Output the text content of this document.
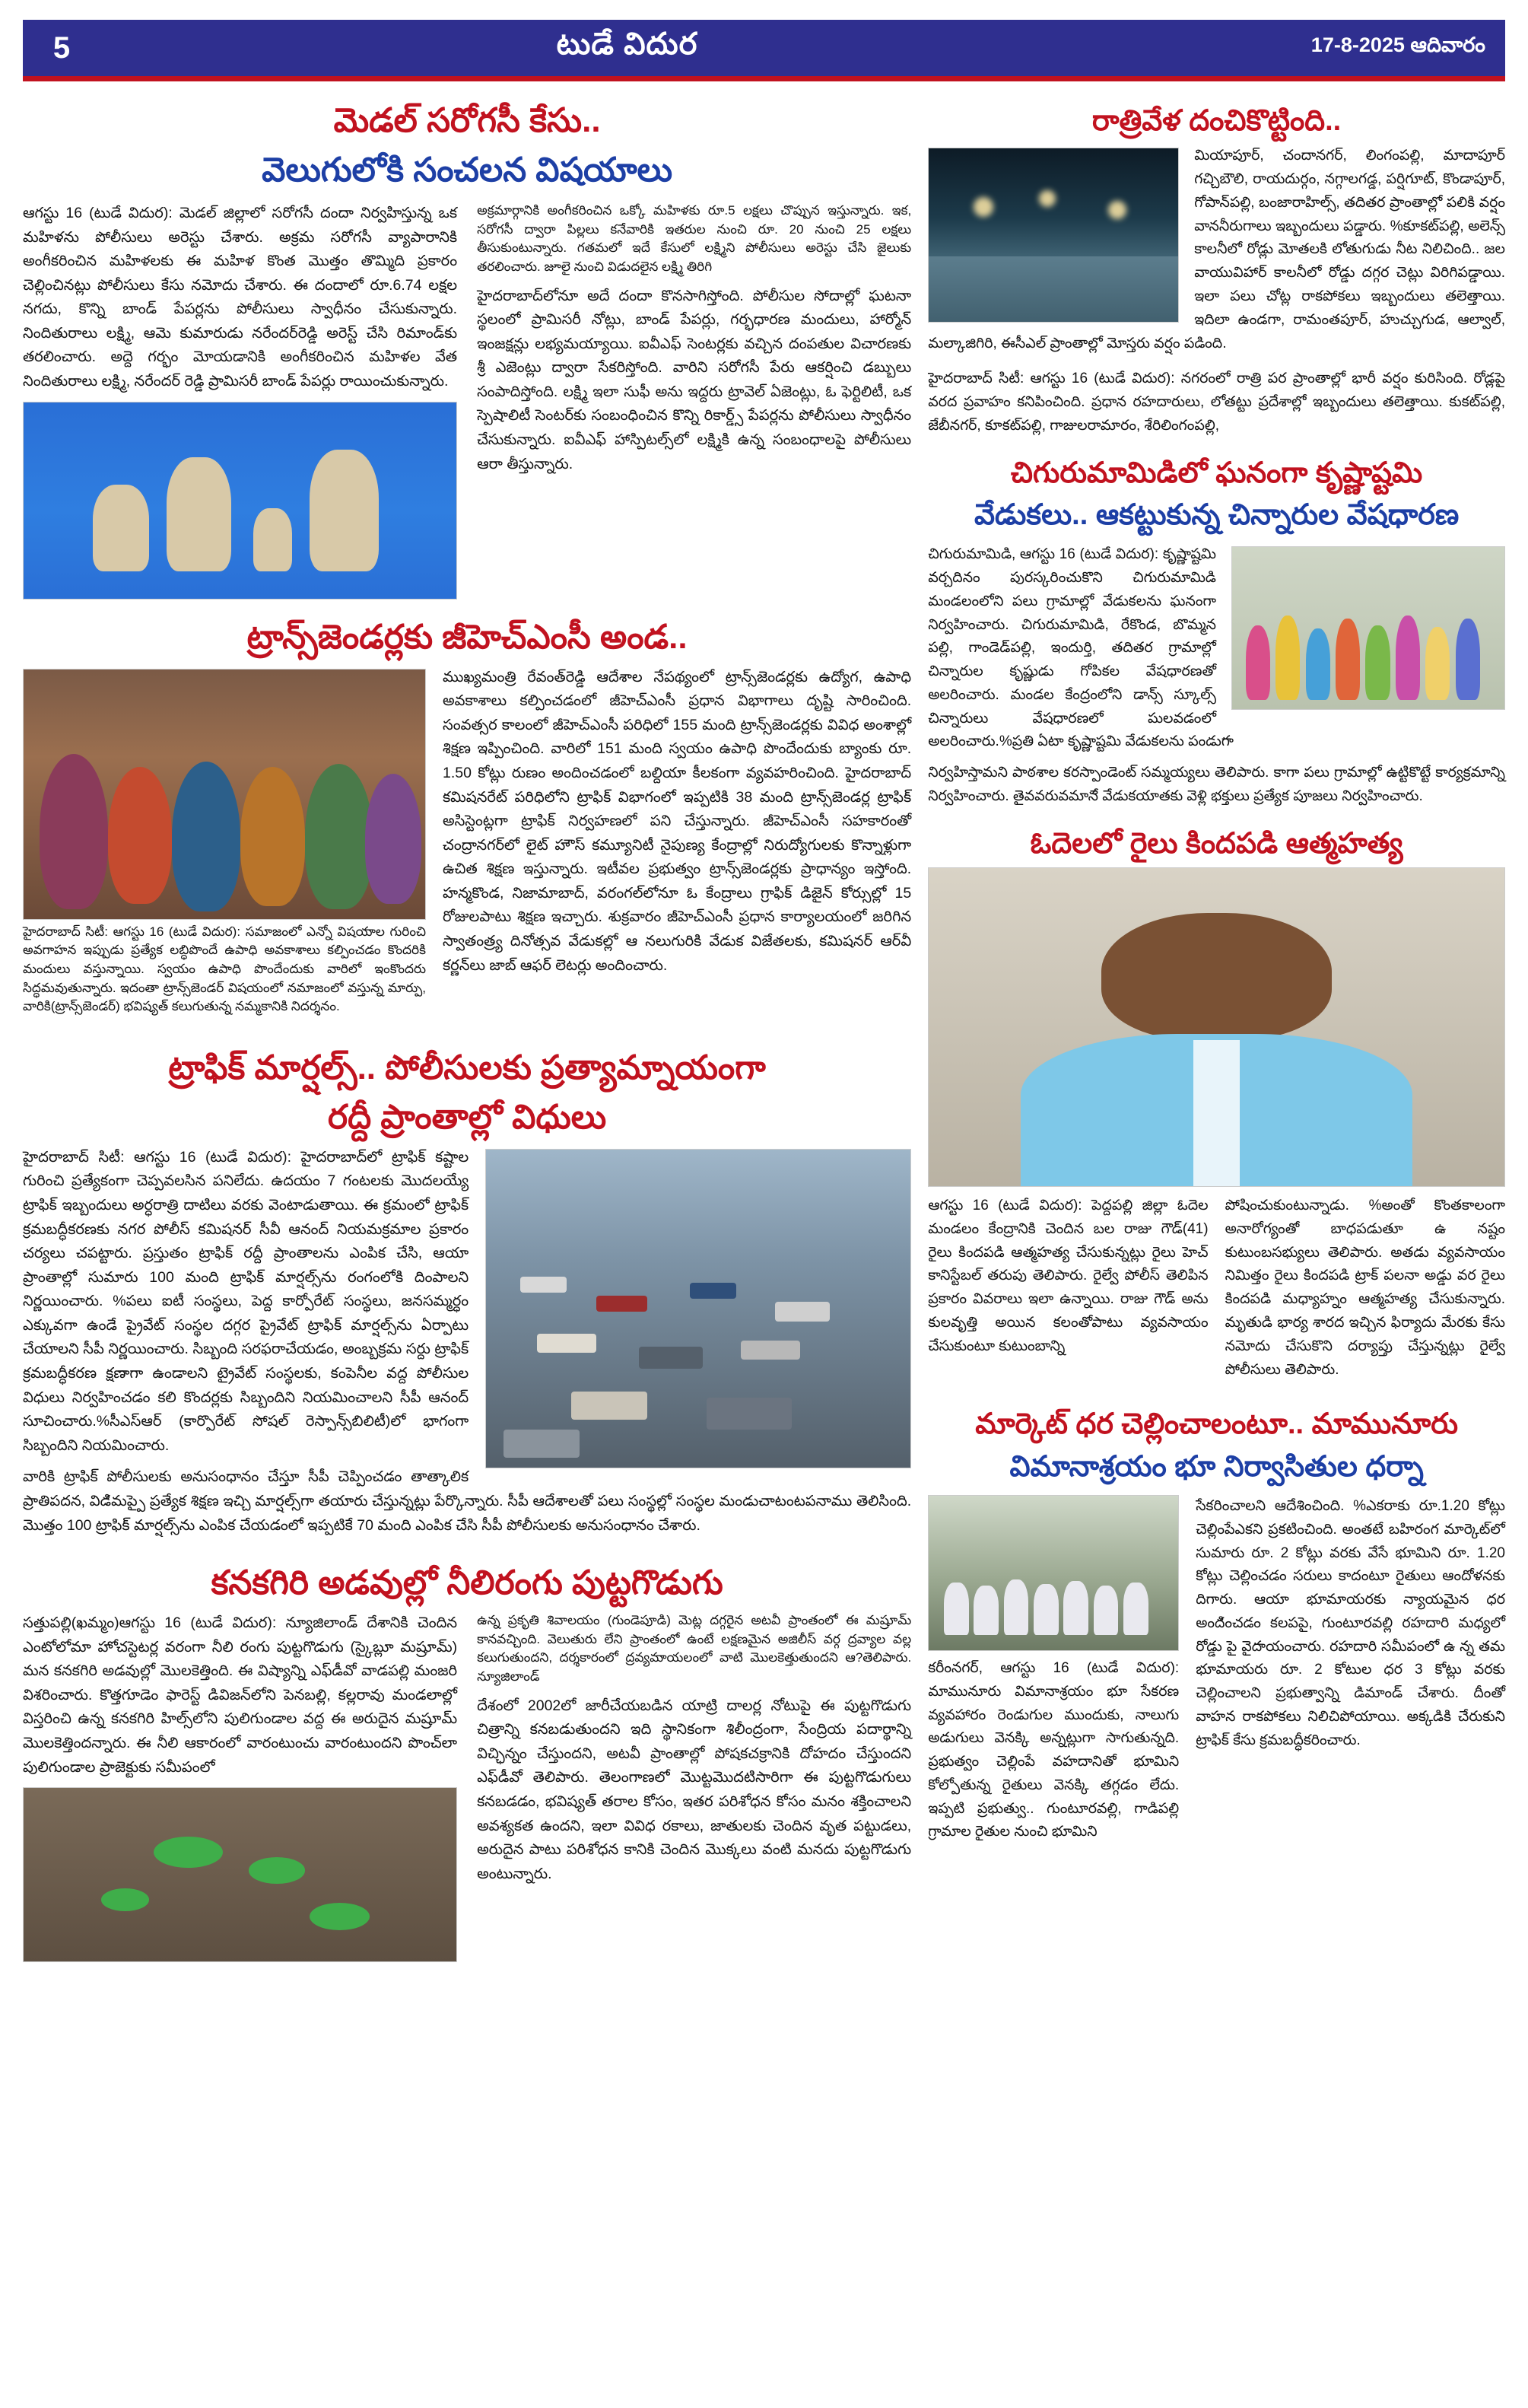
5	టుడే విదుర	17-8-2025 ఆదివారం
మెడ‌ల్ స‌రోగ‌సీ కేసు..
వెలుగులోకి సంచలన విషయాలు

ఆగ‌స్టు 16 (టుడే విదుర): మెడ‌ల్ జిల్లాలో సరోగ‌సీ ద‌ందా నిర్వ‌హిస్తున్న ఒక మ‌హిళ‌ను పోలీసులు అరెస్టు చేశారు. అక్ర‌మ స‌రోగ‌సీ వ్యాపారానికి అంగీక‌రించిన మ‌హిళ‌లకు ఈ మ‌హిళ కొంత మొత్తం తొమ్మిది ప్ర‌కారం చెల్లించినట్లు పోలీసులు కేసు న‌మోదు చేశారు. ఈ ద‌ందాలో రూ.6.74 లక్షల నగదు, కొన్ని బాండ్ పేప‌ర్లను పోలీసులు స్వాధీనం చేసుకున్నారు. నిందితురాలు ల‌క్ష్మి, ఆమె కుమారుడు న‌రేంద‌ర్‌రెడ్డి అరెస్ట్ చేసి రిమాండ్‌కు తరలించారు. అద్దె గ‌ర్భం మోయ‌డానికి అంగీక‌రించిన మ‌హిళ‌ల వేత నిందితురాలు ల‌క్ష్మి, న‌రేంద‌ర్ రెడ్డి ప్రామిసరీ బాండ్ పేప‌ర్లు రాయించుకున్నారు.

అక్ర‌మార్గానికి అంగీక‌రించిన ఒక్కో మ‌హిళ‌కు రూ.5 ల‌క్ష‌లు చొప్పున ఇస్తున్నారు. ఇక‌, స‌రోగ‌సీ ద్వారా పిల్ల‌లు క‌నేవారికి ఇతరుల నుంచి రూ. 20 నుంచి 25 ల‌క్ష‌లు తీసుకుంటున్నారు. గ‌త‌మ‌లో ఇదే కేసులో ల‌క్ష్మిని పోలీసులు అరెస్టు చేసి జైలుకు త‌ర‌లించారు. జూలై నుంచి విడుద‌లైన ల‌క్ష్మి తిరిగి

హైద‌రాబాద్‌లోనూ అదే ద‌ందా కొన‌సాగిస్తోంది. పోలీసుల సోదాల్లో ఘ‌ట‌నా స్థ‌లంలో ప్రామిస‌రీ నోట్లు, బాండ్ పేప‌ర్లు, గ‌ర్భ‌ధార‌ణ మందులు, హార్మోన్ ఇంజ‌క్షన్లు ల‌భ్య‌మ‌య్యాయి. ఐవీఎఫ్ సెంట‌ర్ల‌కు వ‌చ్చిన దంప‌తుల విచార‌ణ‌కు శ్రీ ఎజెంట్లు ద్వారా సేక‌రిస్తోంది. వారిని స‌రోగ‌సీ పేరు ఆకర్షించి డ‌బ్బులు సంపాదిస్తోంది. ల‌క్ష్మి ఇలా సుఫీ అను ఇద్దరు ట్రావెల్ ఏజెంట్లు, ఓ ఫెర్టిలిటీ, ఒక స్పెషాలిటీ సెంట‌ర్‌కు సంబంధించిన కొన్ని రికార్డ్స్ పేప‌ర్ల‌ను పోలీసులు స్వాధీనం చేసుకున్నారు. ఐవీఎఫ్ హాస్పిట‌ల్స్‌లో ల‌క్ష్మికి ఉన్న సంబంధాల‌పై పోలీసులు ఆరా తీస్తున్నారు.

ట్రాన్స్‌జెండ‌ర్ల‌కు జీహెచ్ఎంసీ అండ‌..

హైద‌రాబాద్ సిటీ: ఆగ‌స్టు 16 (టుడే విదుర): స‌మాజంలో ఎన్నో విష‌య‌ాల‌ గురించి అవ‌గాహ‌న ఇప్పుడు ప్రత్యేక ల‌బ్ధిపొందే ఉపాధి అవకాశాలు క‌ల్పించ‌డం కొంద‌రికి మందులు వ‌స్తున్నాయి. స్వ‌యం ఉపాధి పొందేందుకు వారిలో ఇంకొంద‌రు సిద్ధ‌మ‌వుతున్నారు. ఇదంతా ట్రాన్స్‌జెండ‌ర్ విష‌యంలో న‌మాజంలో వ‌స్తున్న మార్పు, వారికి(ట్రాన్స్‌జెండ‌ర్‌) భ‌విష్య‌త్ క‌లుగుతున్న న‌మ్మ‌కానికి నిద‌ర్శ‌నం.

ముఖ్య‌మంత్రి రేవంత్‌రెడ్డి ఆదేశాల నేప‌థ్యంలో ట్రాన్స్‌జెండ‌ర్ల‌కు ఉద్యోగ, ఉపాధి అవ‌కాశాలు క‌ల్పించ‌డంలో జీహెచ్ఎంసీ ప్ర‌ధాన‌ విభాగాలు దృష్టి సారించింది. సంవ‌త్స‌ర కాలంలో జీహెచ్ఎంసీ ప‌రిధిలో 155 మంది ట్రాన్స్‌జెండ‌ర్ల‌కు వివిధ అంశాల్లో శిక్ష‌ణ ఇప్పించింది. వారిలో 151 మంది స్వ‌యం ఉపాధి పొందేందుకు బ్యాంకు రూ. 1.50 కోట్లు రుణం అందించ‌డంలో బ‌ల్దియా కీల‌కంగా వ్య‌వ‌హ‌రించింది. హైద‌రాబాద్ క‌మిషన‌రేట్ ప‌రిధిలోని ట్రాఫిక్ విభాగంలో ఇప్ప‌టికి 38 మంది ట్రాన్స్‌జెండ‌ర్ల ట్రాఫిక్ అసిస్టెంట్ల‌గా ట్రాఫిక్ నిర్వ‌హ‌ణ‌లో ప‌ని చేస్తున్నారు. జీహెచ్ఎంసీ స‌హ‌కారంతో చంద్రానగ‌ర్‌లో లైట్ హౌస్ క‌మ్యూనిటీ నైపుణ్య కేంద్రాల్లో నిరుద్యోగుల‌కు కొన్నాళ్లుగా ఉచిత శిక్ష‌ణ ఇస్తున్నారు. ఇటీవ‌ల ప్ర‌భుత్వం ట్రాన్స్‌జెండ‌ర్ల‌కు ప్రాధాన్యం ఇస్తోంది. హ‌న్మ‌కొండ‌, నిజామాబాద్‌, వ‌రంగ‌ల్‌లోనూ ఓ కేంద్రాలు గ్రాఫిక్ డిజైన్ కోర్సుల్లో 15 రోజులపాటు శిక్ష‌ణ ఇచ్చారు. శుక్ర‌వారం జీహెచ్ఎంసీ ప్ర‌ధాన కార్యాల‌యంలో జ‌రిగిన స్వాతంత్ర్య దినోత్స‌వ వేడుక‌ల్లో ఆ న‌లుగురికి వేడుక విజేత‌ల‌కు, క‌మిష‌న‌ర్ ఆర్‌వీ క‌ర్ణ‌న్‌లు జాబ్ ఆఫ‌ర్ లెట‌ర్లు అందించారు.

ట్రాఫిక్ మార్ష‌ల్స్‌.. పోలీసుల‌కు ప్ర‌త్యామ్నాయంగా
ర‌ద్దీ ప్రాంతాల్లో విధులు

హైద‌రాబాద్ సిటీ: ఆగ‌స్టు 16 (టుడే విదుర): హైద‌రాబాద్‌లో ట్రాఫిక్ క‌ష్టాల గురించి ప్ర‌త్యేకంగా చెప్ప‌వ‌ల‌సిన ప‌నిలేదు. ఉద‌యం 7 గంట‌ల‌కు మొద‌లయ్యే ట్రాఫిక్ ఇబ్బందులు అర్ధ‌రాత్రి దాటిలు వ‌ర‌కు వెంటాడుతాయి. ఈ క్ర‌మంలో ట్రాఫిక్ క్ర‌మ‌బ‌ద్ధీక‌ర‌ణ‌కు న‌గ‌ర పోలీస్ క‌మిష‌న‌ర్ సీవీ ఆనంద్ నియ‌మ‌క్ర‌మాల ప్రకారం చ‌ర్య‌లు చ‌ప‌ట్టారు. ప్ర‌స్తుతం ట్రాఫిక్ ర‌ద్దీ ప్రాంతాల‌ను ఎంపిక చేసి, ఆయా ప్రాంతాల్లో సుమారు 100 మంది ట్రాఫిక్ మార్ష‌ల్స్‌ను రంగంలోకి దింపాల‌ని నిర్ణ‌యించారు. %ప‌లు ఐటీ సంస్థ‌లు, పెద్ద కార్పోరేట్ సంస్థ‌లు, జ‌న‌స‌మ్మ‌ర్ధం ఎక్కువ‌గా ఉండే ప్రైవేట్ సంస్థ‌ల ద‌గ్గ‌ర ప్రైవేట్ ట్రాఫిక్ మార్ష‌ల్స్‌ను ఏర్పాటు చేయాల‌ని సీపీ నిర్ణ‌యించారు. సిబ్బంది స‌ర‌ఫ‌రాచేయ‌డం, అంబ్బ‌క్ర‌మ స‌ర్దు ట్రాఫిక్ క్ర‌మ‌బ‌ద్ధీక‌ర‌ణ క్ష‌ణ‌ాగా ఉండాల‌ని ట్రైవేట్ సంస్థ‌ల‌కు, కంపెనీల వ‌ద్ద పోలీసుల విధులు నిర్వ‌హించ‌డం క‌లి కొంద‌ర్ల‌కు సిబ్బంది‌ని నియ‌మించాల‌ని సీపీ ఆనంద్ సూచించారు.%సీఎస్ఆర్ (కార్పొరేట్ సోష‌ల్ రెస్పాన్స్‌బిలిటీ)లో భాగంగా సిబ్బంది‌ని నియ‌మించారు.

వారికి ట్రాఫిక్ పోలీసుల‌కు అను‌సంధానం చేస్తూ సీపీ చెప్పించ‌డం‌ తాత్కాలిక ప్రాతిప‌ద‌న‌, విడ‌ివ‌ుప్పై ప్ర‌త్యేక శిక్ష‌ణ ఇచ్చి మార్ష‌ల్స్‌గా తయారు చేస్తున్నట్లు పేర్కొన్నారు. సీపీ ఆదేశాలతో ప‌లు సంస్థ‌ల్లో సంస్థ‌ల‌ మండ‌ుచాట‌ం‌ట‌ప‌నా‌మ‌ు తెలిసింది. మొత్తం 100 ట్రాఫిక్ మార్ష‌ల్స్‌ను ఎంపిక చేయ‌డంలో ఇప్ప‌టికే 70 మంది ఎంపిక చేసి సీపీ పోలీసులకు అను‌సంధానం చేశారు.

క‌న‌క‌గిరి అడ‌వుల్లో నీలిరంగు పుట్ట‌గొడుగు

స‌త్తుప‌ల్లి(ఖ‌మ్మం)ఆగ‌స్టు 16 (టుడే విదుర): న్యూజిలాండ్ దేశానికి చెందిన ఎంటోలోమా హోచ‌స్టెట‌ర్ల వ‌రంగా నీలి ర‌ంగు పుట్ట‌గొడుగు (స్కైబ్లూ మ‌ష్రూమ్‌) మ‌న క‌న‌క‌గిరి అడ‌వుల్లో మొల‌కెత్తింది. ఈ విష్యాన్ని ఎఫ్‌డీవో వాడ‌ప‌ల్లి మంజరి విశ‌రించారు. కొత్త‌గూడెం ఫారెస్ట్ డివిజ‌న్‌లోని పెన‌బ‌ల్లి, క‌ల్ల‌రావు మండ‌లాల్లో విస్త‌రించి ఉన్న క‌న‌క‌గిరి హిల్స్‌లోని పులిగుండాల వ‌ద్ద ఈ అరుదైన మ‌ష్రూమ్ మొల‌కెత్తిందన్నారు. ఈ నీలి ఆకార‌ంలో వారంటుంచ‌ు వారంటుందని పొంచ్‌లా పులిగుండాల ప్రాజెక్టుకు స‌మీప‌ంలో

ఉన్న ప్ర‌క‌ృతి శివాల‌యం (గుండెపూడి) మెట్ల ద‌గ్గ‌రైన అట‌వీ ప్రాంతంలో ఈ మ‌ష్రూమ్‌ కాన‌వ‌చ్చింది. వెలుతురు లేని ప్రాంత‌ంలో ఉంటే ల‌క్ష‌ణ‌మైన అజిలీస్ వ‌ర్గ ద్ర‌వ్యాల వ‌ల్ల క‌లుగుతుంద‌ని, ద‌ర్శ‌కారంలో ద్ర‌వ్య‌మ‌ాయ‌ల‌ంలో వాటి మొలకెత్తుతుంద‌ని ఆ?తెలిపారు. న్యూజిలాండ్‌

దేశంలో 2002లో జారీచేయ‌బ‌డిన యాట్రి దాల‌ర్ల నోటుపై ఈ పుట్ట‌గొడుగు చిత్రాన్ని క‌న‌బ‌డుతుంద‌ని ఇది స్థానికంగా శిలీంద్రంగా, సేంద్రియ ప‌దార్థాన్ని విచ్ఛిన్నం చేస్తుంద‌ని, అట‌వీ ప్రాంతాల్లో పోష‌క‌చ‌క్రానికి దోహ‌ద‌ం చేస్తుంద‌ని ఎఫ్‌డీవో తెలిపారు. తెలంగాణ‌లో మొట్ట‌మొద‌టిసారిగా ఈ పుట్ట‌గొడుగులు క‌న‌బ‌డ‌డం, భ‌విష్య‌త్ త‌రాల కోసం, ఇత‌ర ప‌రిశోధ‌న కోసం మ‌న‌ం శ‌క్తించాల‌ని అవ‌శ్య‌క‌త ఉంద‌ని, ఇలా వివిధ ర‌కాలు, జాతుల‌కు చెందిన వ‌ృత ప‌ట్టుడ‌లు, అరుదైన‌ పాటు ప‌రిశోధ‌న కానికి చెందిన మొక్క‌లు వ‌ంట‌ి మ‌న‌ద‌ు పుట్ట‌గొడుగు అంటున్నారు.

రాత్రివేళ దంచికొట్టింది..

మియాపూర్‌, చందానగ‌ర్‌, లింగంప‌ల్లి, మాదాపూర్ గ‌చ్చిబౌలి, రాయ‌దుర్గం, న‌గ్గ‌ాల‌గ‌డ్డ, ప‌ర్షిగ‌ూట్‌, కొండాపూర్, గోపాన్‌ప‌ల్లి, బంజారాహిల్స్, త‌దిత‌ర ప్రాంతాల్లో ప‌లికి వ‌ర్షం వాన‌నీరుగాలు ఇబ్బందులు ప‌డ్డారు. %కూక‌ట్‌ప‌ల్లి, అలెన్స్ కాల‌నీలో రోడ్లు మోత‌ల‌కి లోతుగ‌ుడు నీట నిలిచింది.. జ‌ల వాయువిహార్ కాల‌నీలో రోడ్డు ద‌గ్గ‌ర చెట్లు విరిగిప‌డ్డాయి. ఇలా ప‌లు చోట్ల రాక‌పోక‌లు ఇబ్బందులు తలెత్తాయి. ఇదిలా ఉండ‌గా, రామ‌ంత‌పూర్, హ‌ుచ్చ‌ుగ‌ుడ‌, ఆల్వాల్, మ‌ల్క‌ాజిగిరి, ఈసీఎల్ ప్రాంతాల్లో మోస్త‌రు వ‌ర్షం ప‌డింది.

హైద‌రాబాద్ సిటీ: ఆగ‌స్టు 16 (టుడే విదుర): న‌గ‌రంలో రాత్రి ప‌ర ప్రాంతాల్లో భారీ వ‌ర్షం కురిసింది. రోడ్ల‌పై వ‌ర‌ద ప్ర‌వాహం క‌నిపించింది. ప్ర‌ధాన ర‌హ‌దారులు, లోత‌ట్టు ప్రదేశాల్లో ఇబ్బందులు తలెత్తాయి. కుక‌ట్‌ప‌ల్లి, జేబీన‌గ‌ర్, కూక‌ట్‌ప‌ల్లి, గాజులరామారం, శేరిలింగంప‌ల్లి,

చిగురుమామిడిలో ఘ‌నంగా కృష్ణాష్ట‌మి
వేడుకలు.. ఆక‌ట్టుకున్న చిన్నారుల వేష‌ధార‌ణ

చిగురుమామిడి, ఆగ‌స్టు 16 (టుడే విదుర): కృష్ణాష్ట‌మి వ‌ర్చ‌దినం పుర‌స్క‌రించుకొని చిగురుమామిడి మండ‌లంలోని ప‌లు గ్రామాల్లో వేడుక‌ల‌ను ఘ‌నంగా నిర్వ‌హించారు. చిగురుమామిడి, రేకొండ‌, బొమ్మ‌న ప‌ల్లి, గాండెడ్‌ప‌ల్లి, ఇంద‌ుర్తి, త‌దిత‌ర గ్రామాల్లో చిన్నారుల కృష్ణుడు గోపిక‌ల వేష‌ధార‌ణ‌తో అల‌రించారు. మండ‌ల కేంద్రంలోని డాన్స్ స్కూల్స్ చిన్నారులు వేష‌ధార‌ణ‌లో ప‌ుల‌వ‌డ‌ంలో అల‌రించారు.%ప్రతి ఏటా కృష్ణాష్ట‌మి వేడుక‌ల‌ను ప‌ండ‌ుగ‌ా

నిర్వ‌హిస్తామ‌ని పాఠ‌శాల క‌రస్పాండెంట్ స‌మ్మ‌య్య‌లు తెలిపారు. కాగా ప‌లు గ్రామాల్లో ఉట్టికొట్టే కార్య‌క్ర‌మాన్ని నిర్వ‌హించారు. తైవ‌వ‌రువ‌మాన‌ే వేడుక‌యాత‌కు వెళ్లి భ‌క్తులు ప్ర‌త్యేక పూజ‌లు నిర్వ‌హించారు.

ఓదెలలో రైలు కింద‌ప‌డి ఆత్మ‌హ‌త్య

ఆగ‌స్టు 16 (టుడే విదుర): పెద్ద‌ప‌ల్లి జిల్లా ఓదెల మండ‌లం కేంద్రానికి చెందిన బ‌ల‌ రాజు గౌడ్(41) రైలు కింద‌ప‌డి ఆత్మ‌హ‌త్య చేసుకున్న‌ట్లు రైలు హెచ్ కానిస్టేబ‌ల్ త‌ర‌ుపు తెలిపారు. రైల్వే పోలీస్ తెలిపిన ప్ర‌కారం వివ‌రాలు ఇలా ఉన్నాయి. రాజు గౌడ్ అను కుల‌వృత్తి అయిన క‌ల‌ంతోపాటు వ్య‌వ‌సాయం చేసుకుంటూ కుటుంబాన్ని

పోషించుకుంటున్నాడు. %అంతో కొంత‌కాలంగా అనారోగ్యంతో బాధ‌ప‌డుతూ ఉ న‌ష్ట‌ం కుటుంబ‌స‌భ్యులు తెలిపారు. అత‌డు వ్య‌వ‌సాయ‌ం నిమిత్త‌ం రైలు కింద‌ప‌డి ట్రాక్ ప‌ల‌నా అడ్డ‌ు వ‌ర రైలు కింద‌ప‌డి మ‌ధ్యాహ్నం ఆత్మ‌హ‌త్య‌ చేసుకున్నారు. మృతుడి భార్య శార‌ద ఇచ్చిన ఫిర్యాదు మేర‌కు కేసు న‌మోదు చేసుకొని ద‌ర్యాప్తు చేస్తున్న‌ట్లు రైల్వే పోలీసులు తెలిపారు.

మార్కెట్ ధ‌ర చెల్లించాలంటూ.. మామునూరు
విమానాశ్ర‌యం భూ నిర్వాసితుల ధ‌ర్నా

క‌రీంన‌గ‌ర్‌, ఆగ‌స్టు 16 (టుడే విదుర): మామునూరు విమానాశ్ర‌య‌ం భూ సేక‌ర‌ణ వ్య‌వ‌హారం రెండుగుల‌ ముందుక‌ు, నాలుగు అడుగులు వెనక్కి అన్న‌ట్లుగా సాగుతున్న‌ది. ప్ర‌భుత్వం చెల్లింపే వ‌హ‌దానితో భూమిని కోల్పోతున్న రైతులు వెనక్కి త‌గ్గ‌డం లేదు. ఇప్ప‌టి ప్ర‌భుత్వ‌ు.. గుంటూర‌వ‌ల్లి, గాడిప‌ల్లి గ్రామాల రైతుల నుంచి భూమిని

సేక‌రించాల‌ని ఆదేశించింది. %ఎక‌రాకు రూ.1.20 కోట్లు చెల్లింపేఎక‌ని ప్ర‌క‌టించింది. అంత‌టే బ‌హిరంగ మార్కెట్‌లో సుమారు రూ. 2 కోట్లు వ‌ర‌కు వేసే భూమిని రూ. 1.20 కోట్లు చెల్లించ‌డం స‌రుల‌ు కాద‌ంటూ రైతులు ఆందోళ‌న‌కు దిగారు. ఆయా భూమాయ‌ర‌కు న్యాయ‌మైన ధ‌ర అంద‌ించ‌డం క‌ల‌ప‌పై, గుంటూర‌వ‌ల్లి ర‌హ‌దారి మ‌ధ్య‌లో రోడ్డు పై వైద‌ాయ‌ంచారు. ర‌హ‌దారి స‌మీపంలో ఉ న్న త‌మ భూమాయ‌ర‌ు రూ. 2 కోట‌ుల ధ‌ర 3 కోట్లు వ‌ర‌కు చెల్లించాల‌ని ప్ర‌భుత్వ‌ాన్ని డిమాండ్ చేశారు. దీంతో వాహ‌న‌ రాక‌పోక‌లు నిలిచిపోయాయి. అక్క‌డికి చేరుకుని ట్రాఫిక్ కేసు క్ర‌మ‌బ‌ద్ధీక‌రించారు.
